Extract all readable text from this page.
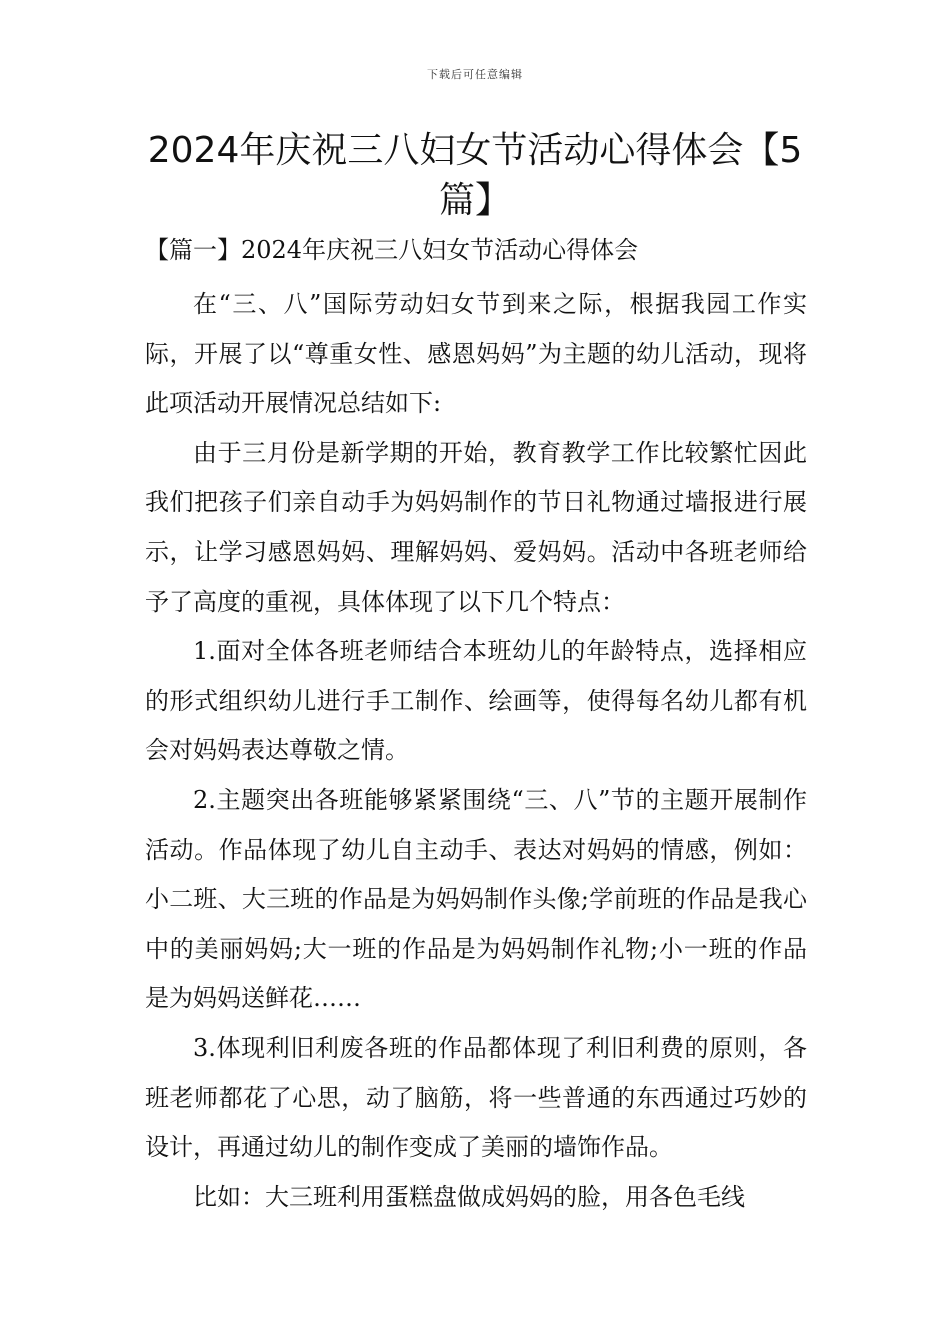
下载后可任意编辑
2024年庆祝三八妇女节活动心得体会【5篇】
【篇一】2024年庆祝三八妇女节活动心得体会

在“三、八”国际劳动妇女节到来之际，根据我园工作实际，开展了以“尊重女性、感恩妈妈”为主题的幼儿活动，现将此项活动开展情况总结如下:

由于三月份是新学期的开始，教育教学工作比较繁忙因此我们把孩子们亲自动手为妈妈制作的节日礼物通过墙报进行展示，让学习感恩妈妈、理解妈妈、爱妈妈。活动中各班老师给予了高度的重视，具体体现了以下几个特点：

1.面对全体各班老师结合本班幼儿的年龄特点，选择相应的形式组织幼儿进行手工制作、绘画等，使得每名幼儿都有机会对妈妈表达尊敬之情。

2.主题突出各班能够紧紧围绕“三、八”节的主题开展制作活动。作品体现了幼儿自主动手、表达对妈妈的情感，例如：小二班、大三班的作品是为妈妈制作头像;学前班的作品是我心中的美丽妈妈;大一班的作品是为妈妈制作礼物;小一班的作品是为妈妈送鲜花……

3.体现利旧利废各班的作品都体现了利旧利费的原则，各班老师都花了心思，动了脑筋，将一些普通的东西通过巧妙的设计，再通过幼儿的制作变成了美丽的墙饰作品。

比如：大三班利用蛋糕盘做成妈妈的脸，用各色毛线
